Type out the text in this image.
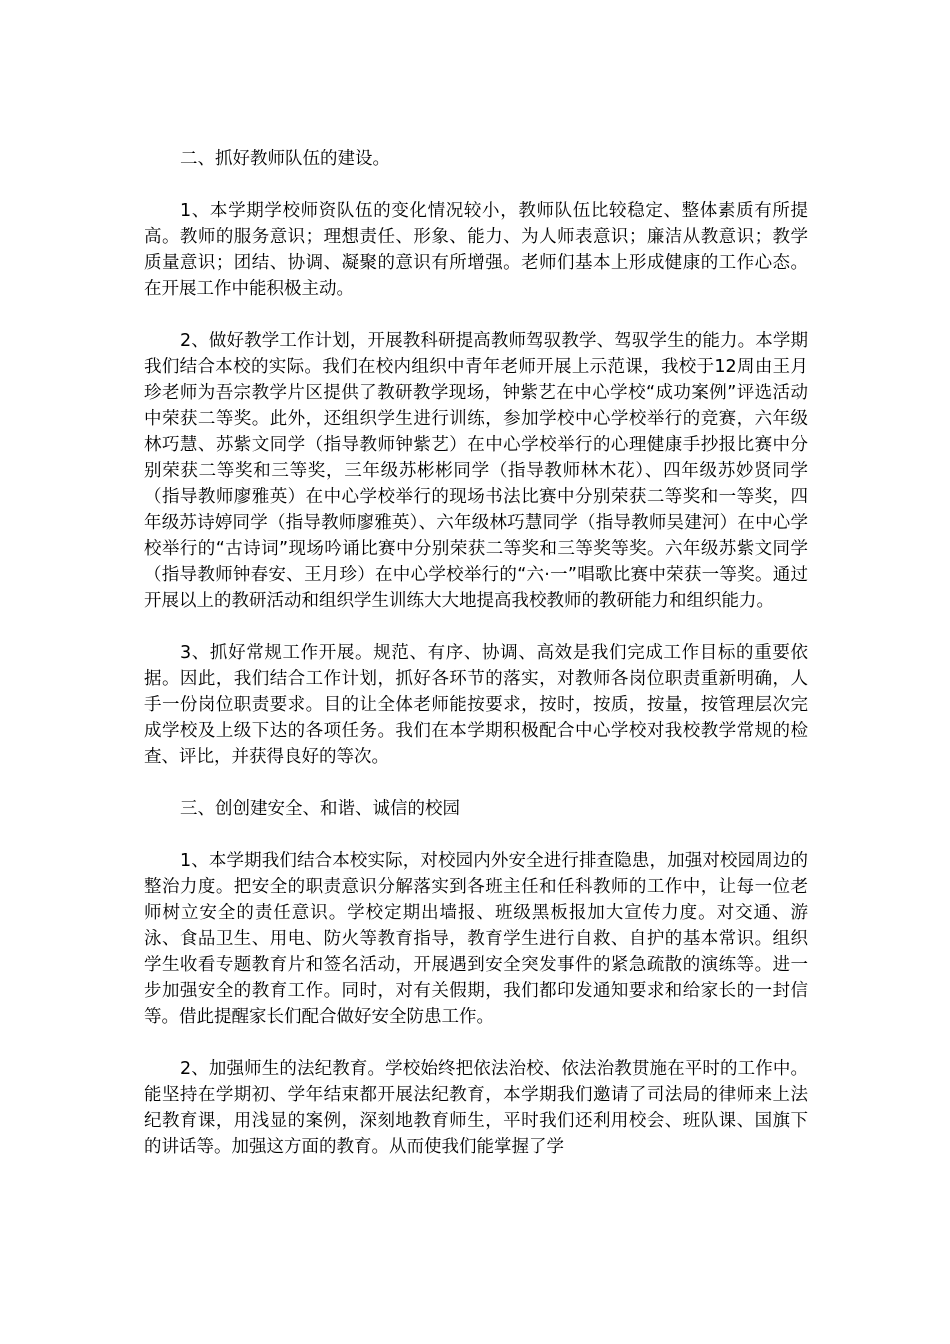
二、抓好教师队伍的建设。

1、本学期学校师资队伍的变化情况较小，教师队伍比较稳定、整体素质有所提高。教师的服务意识；理想责任、形象、能力、为人师表意识；廉洁从教意识；教学质量意识；团结、协调、凝聚的意识有所增强。老师们基本上形成健康的工作心态。在开展工作中能积极主动。

2、做好教学工作计划，开展教科研提高教师驾驭教学、驾驭学生的能力。本学期我们结合本校的实际。我们在校内组织中青年老师开展上示范课，我校于12周由王月珍老师为吾宗教学片区提供了教研教学现场，钟紫艺在中心学校“成功案例”评选活动中荣获二等奖。此外，还组织学生进行训练，参加学校中心学校举行的竞赛，六年级林巧慧、苏紫文同学（指导教师钟紫艺）在中心学校举行的心理健康手抄报比赛中分别荣获二等奖和三等奖，三年级苏彬彬同学（指导教师林木花）、四年级苏妙贤同学（指导教师廖雅英）在中心学校举行的现场书法比赛中分别荣获二等奖和一等奖，四年级苏诗婷同学（指导教师廖雅英）、六年级林巧慧同学（指导教师吴建河）在中心学校举行的“古诗词”现场吟诵比赛中分别荣获二等奖和三等奖等奖。六年级苏紫文同学（指导教师钟春安、王月珍）在中心学校举行的“六·一”唱歌比赛中荣获一等奖。通过开展以上的教研活动和组织学生训练大大地提高我校教师的教研能力和组织能力。

3、抓好常规工作开展。规范、有序、协调、高效是我们完成工作目标的重要依据。因此，我们结合工作计划，抓好各环节的落实，对教师各岗位职责重新明确，人手一份岗位职责要求。目的让全体老师能按要求，按时，按质，按量，按管理层次完成学校及上级下达的各项任务。我们在本学期积极配合中心学校对我校教学常规的检查、评比，并获得良好的等次。

三、创创建安全、和谐、诚信的校园

1、本学期我们结合本校实际，对校园内外安全进行排查隐患，加强对校园周边的整治力度。把安全的职责意识分解落实到各班主任和任科教师的工作中，让每一位老师树立安全的责任意识。学校定期出墙报、班级黑板报加大宣传力度。对交通、游泳、食品卫生、用电、防火等教育指导，教育学生进行自救、自护的基本常识。组织学生收看专题教育片和签名活动，开展遇到安全突发事件的紧急疏散的演练等。进一步加强安全的教育工作。同时，对有关假期，我们都印发通知要求和给家长的一封信等。借此提醒家长们配合做好安全防患工作。

2、加强师生的法纪教育。学校始终把依法治校、依法治教贯施在平时的工作中。能坚持在学期初、学年结束都开展法纪教育，本学期我们邀请了司法局的律师来上法纪教育课，用浅显的案例，深刻地教育师生，平时我们还利用校会、班队课、国旗下的讲话等。加强这方面的教育。从而使我们能掌握了学
